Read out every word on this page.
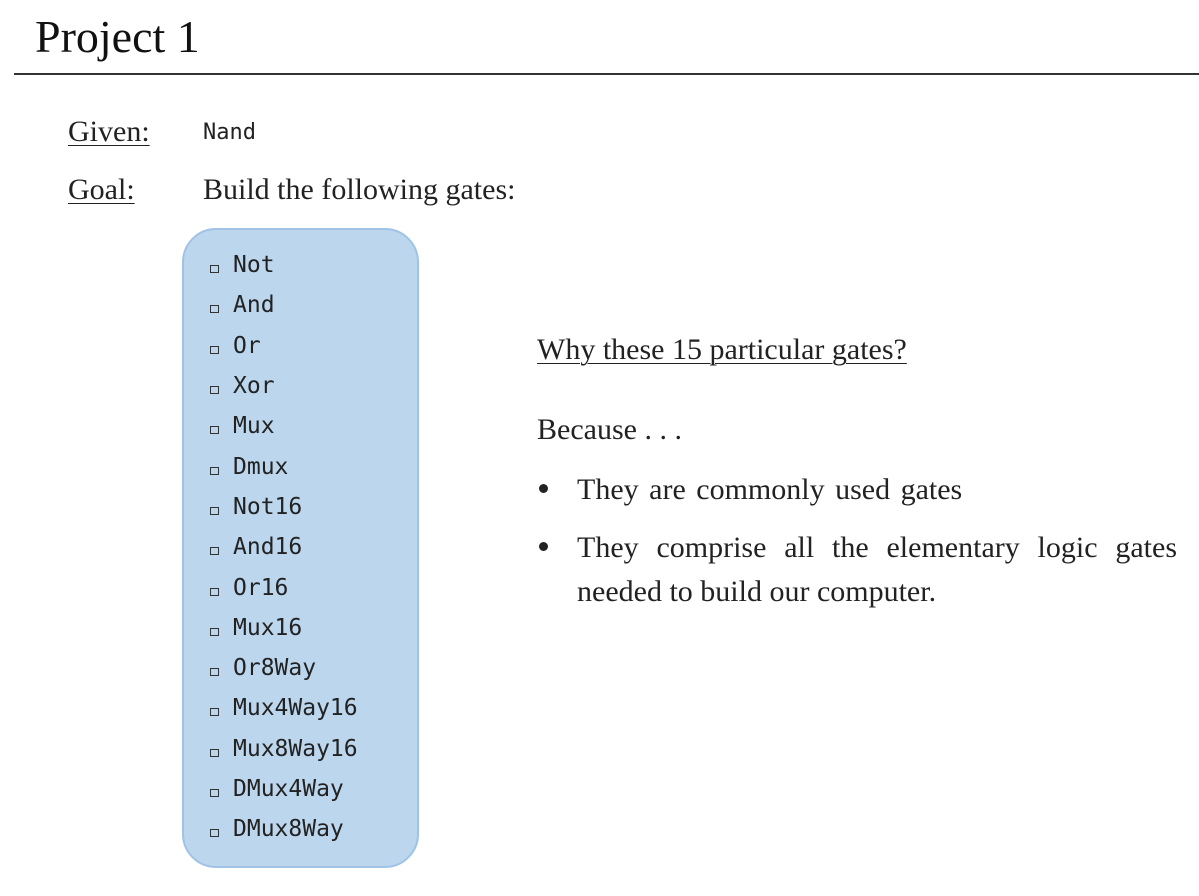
Project 1
Given: Nand
Goal: Build the following gates:
Not
And
Or
Xor
Mux
Dmux
Not16
And16
Or16
Mux16
Or8Way
Mux4Way16
Mux8Way16
DMux4Way
DMux8Way
Why these 15 particular gates?
Because . . .
They are commonly used gates
They comprise all the elementary logic gates needed to build our computer.
